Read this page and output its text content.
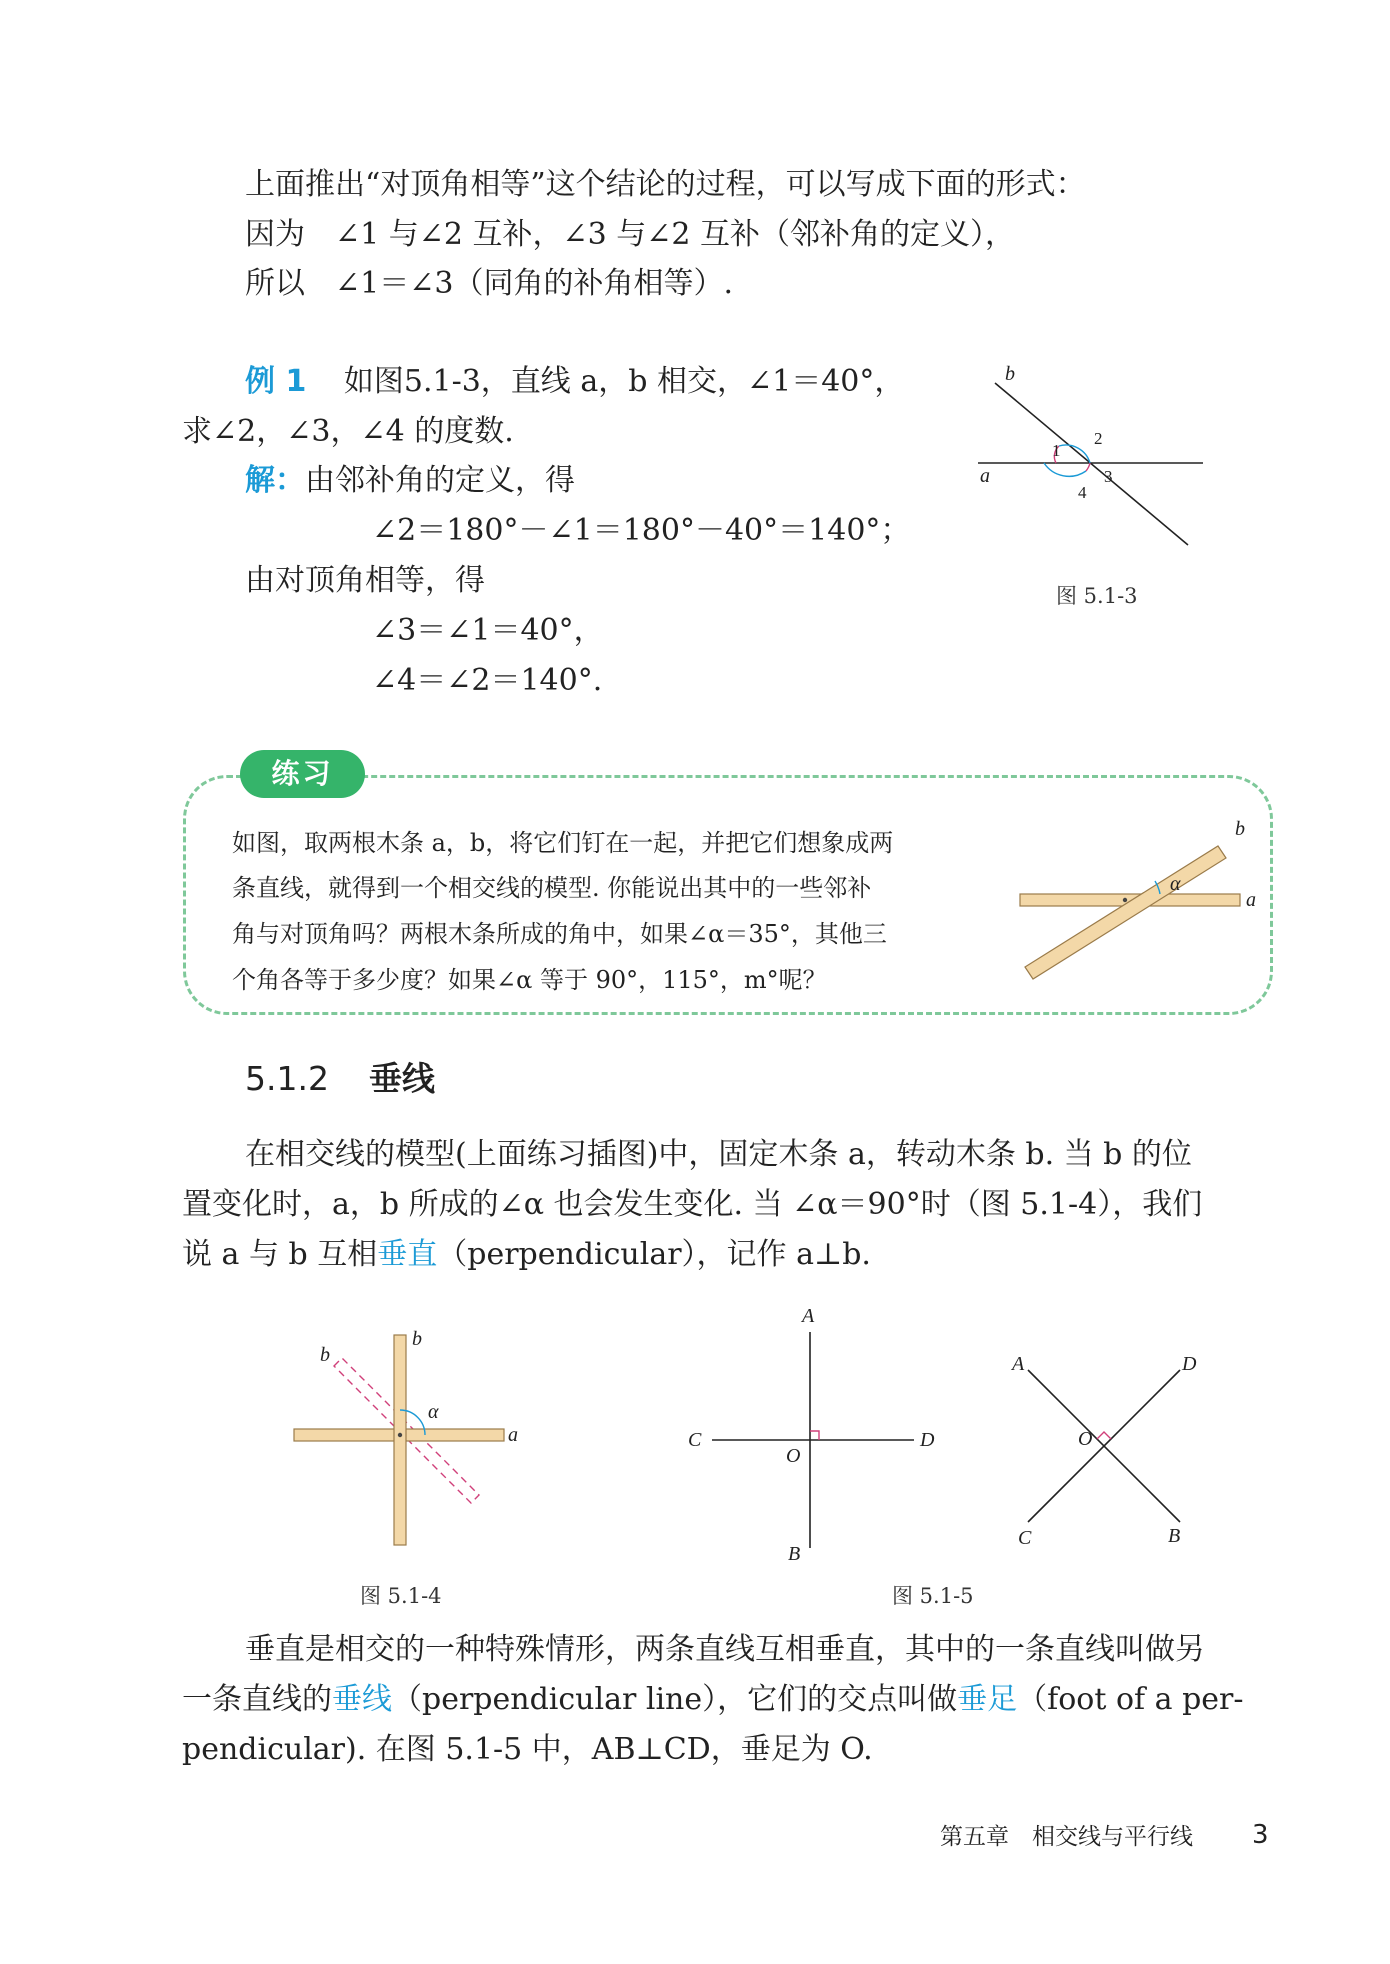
上面推出“对顶角相等”这个结论的过程，可以写成下面的形式：
因为　∠1 与∠2 互补，∠3 与∠2 互补（邻补角的定义），
所以　∠1＝∠3（同角的补角相等）.
例 1 如图5.1-3，直线 a，b 相交，∠1＝40°，
求∠2，∠3，∠4 的度数.
解：由邻补角的定义，得
∠2＝180°－∠1＝180°－40°＝140°；
由对顶角相等，得
∠3＝∠1＝40°，
∠4＝∠2＝140°.
b
a
1
2
3
4
图 5.1-3
练习
如图，取两根木条 a，b，将它们钉在一起，并把它们想象成两
条直线，就得到一个相交线的模型. 你能说出其中的一些邻补
角与对顶角吗？两根木条所成的角中，如果∠α＝35°，其他三
个角各等于多少度？如果∠α 等于 90°，115°，m°呢？
b
a
α
5.1.2 垂线
在相交线的模型(上面练习插图)中，固定木条 a，转动木条 b. 当 b 的位
置变化时，a，b 所成的∠α 也会发生变化. 当 ∠α＝90°时（图 5.1-4），我们
说 a 与 b 互相垂直（perpendicular），记作 a⊥b.
b
b
a
α
图 5.1-4
A
B
C	D
O
A	D
C	B
O
图 5.1-5
垂直是相交的一种特殊情形，两条直线互相垂直，其中的一条直线叫做另
一条直线的垂线（perpendicular line），它们的交点叫做垂足（foot of a per-
pendicular). 在图 5.1-5 中，AB⊥CD，垂足为 O.
第五章　相交线与平行线 3
